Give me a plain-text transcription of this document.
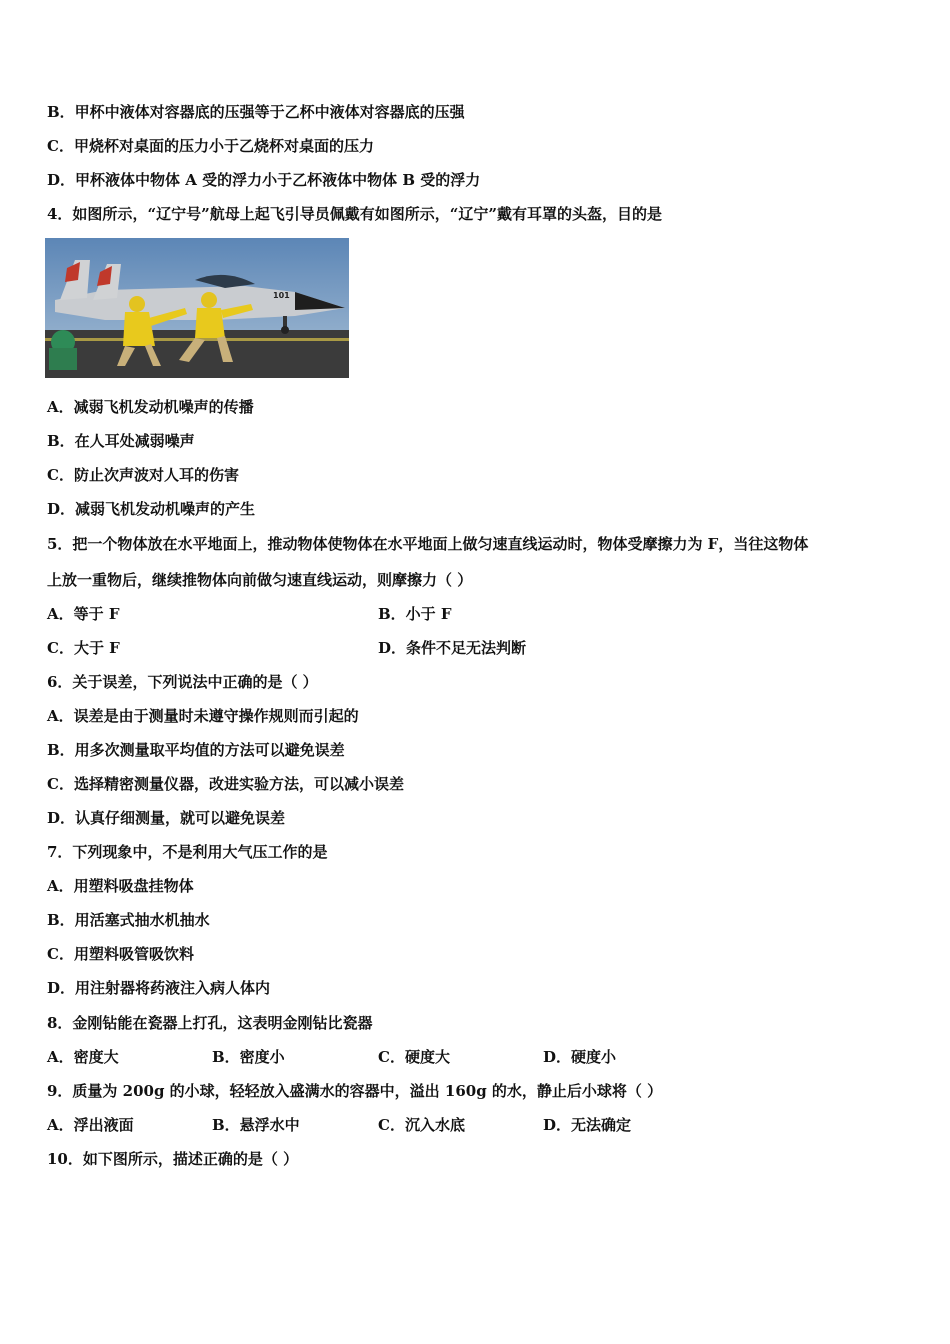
B．甲杯中液体对容器底的压强等于乙杯中液体对容器底的压强
C．甲烧杯对桌面的压力小于乙烧杯对桌面的压力
D．甲杯液体中物体 A 受的浮力小于乙杯液体中物体 B 受的浮力
4．如图所示，“辽宁号”航母上起飞引导员佩戴有如图所示，“辽宁”戴有耳罩的头盔，目的是
101
A．减弱飞机发动机噪声的传播
B．在人耳处减弱噪声
C．防止次声波对人耳的伤害
D．减弱飞机发动机噪声的产生
5．把一个物体放在水平地面上，推动物体使物体在水平地面上做匀速直线运动时，物体受摩擦力为 F，当往这物体
上放一重物后，继续推物体向前做匀速直线运动，则摩擦力（ ）
A．等于 F	B．小于 F
C．大于 F	D．条件不足无法判断
6．关于误差，下列说法中正确的是（ ）
A．误差是由于测量时未遵守操作规则而引起的
B．用多次测量取平均值的方法可以避免误差
C．选择精密测量仪器，改进实验方法，可以减小误差
D．认真仔细测量，就可以避免误差
7．下列现象中，不是利用大气压工作的是
A．用塑料吸盘挂物体
B．用活塞式抽水机抽水
C．用塑料吸管吸饮料
D．用注射器将药液注入病人体内
8．金刚钻能在瓷器上打孔，这表明金刚钻比瓷器
A．密度大	B．密度小	C．硬度大	D．硬度小
9．质量为 200g 的小球，轻轻放入盛满水的容器中，溢出 160g 的水，静止后小球将（ ）
A．浮出液面	B．悬浮水中	C．沉入水底	D．无法确定
10．如下图所示，描述正确的是（ ）
